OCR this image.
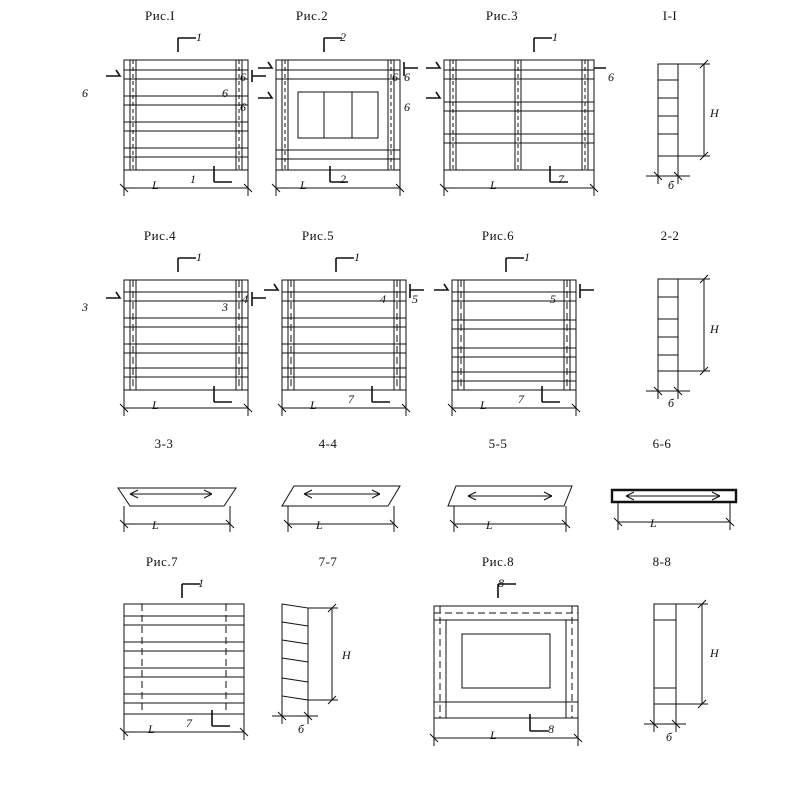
Рис.I
6	6
1
1
L
Рис.2
6
6
6
2
2
L
Рис.3
6
6
6
1
7
L
I-I
H
б
Рис.4
3	3
1
L
Рис.5
4	4
1
7
L
Рис.6
5	5
1
7
L
2-2
H
б
3-3
L
4-4
L
5-5
L
6-6
L
Рис.7
1
7
L
7-7
H
б
Рис.8
8
8
L
8-8
H
б
